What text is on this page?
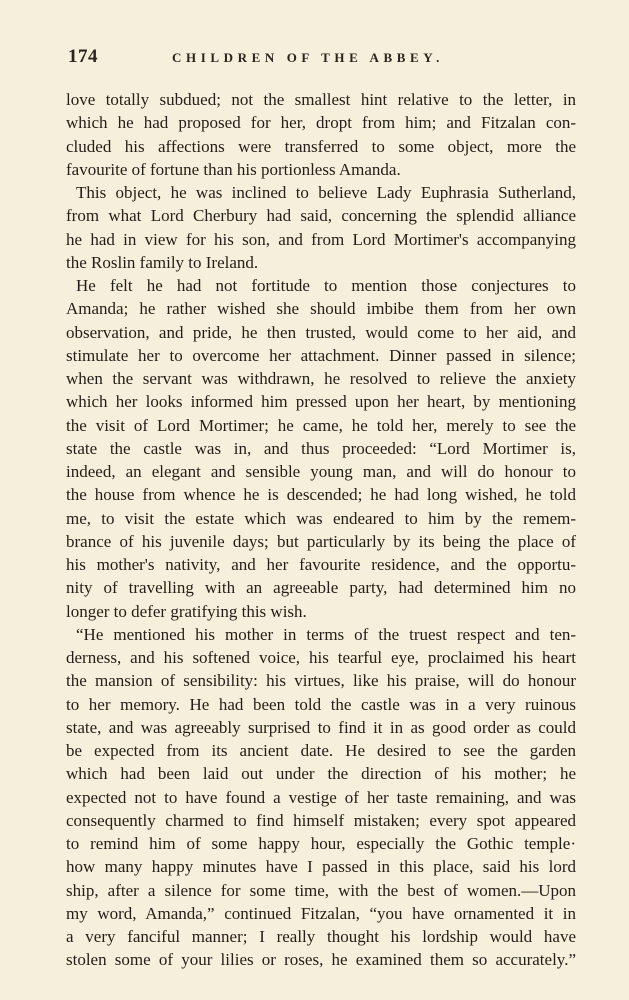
174	CHILDREN OF THE ABBEY.
love totally subdued; not the smallest hint relative to the letter, in
which he had proposed for her, dropt from him; and Fitzalan con-
cluded his affections were transferred to some object, more the
favourite of fortune than his portionless Amanda.
This object, he was inclined to believe Lady Euphrasia Sutherland,
from what Lord Cherbury had said, concerning the splendid alliance
he had in view for his son, and from Lord Mortimer's accompanying
the Roslin family to Ireland.
He felt he had not fortitude to mention those conjectures to
Amanda; he rather wished she should imbibe them from her own
observation, and pride, he then trusted, would come to her aid, and
stimulate her to overcome her attachment. Dinner passed in silence;
when the servant was withdrawn, he resolved to relieve the anxiety
which her looks informed him pressed upon her heart, by mentioning
the visit of Lord Mortimer; he came, he told her, merely to see the
state the castle was in, and thus proceeded: “Lord Mortimer is,
indeed, an elegant and sensible young man, and will do honour to
the house from whence he is descended; he had long wished, he told
me, to visit the estate which was endeared to him by the remem-
brance of his juvenile days; but particularly by its being the place of
his mother's nativity, and her favourite residence, and the opportu-
nity of travelling with an agreeable party, had determined him no
longer to defer gratifying this wish.
“He mentioned his mother in terms of the truest respect and ten-
derness, and his softened voice, his tearful eye, proclaimed his heart
the mansion of sensibility: his virtues, like his praise, will do honour
to her memory. He had been told the castle was in a very ruinous
state, and was agreeably surprised to find it in as good order as could
be expected from its ancient date. He desired to see the garden
which had been laid out under the direction of his mother; he
expected not to have found a vestige of her taste remaining, and was
consequently charmed to find himself mistaken; every spot appeared
to remind him of some happy hour, especially the Gothic temple·
how many happy minutes have I passed in this place, said his lord
ship, after a silence for some time, with the best of women.—Upon
my word, Amanda,” continued Fitzalan, “you have ornamented it in
a very fanciful manner; I really thought his lordship would have
stolen some of your lilies or roses, he examined them so accurately.”
